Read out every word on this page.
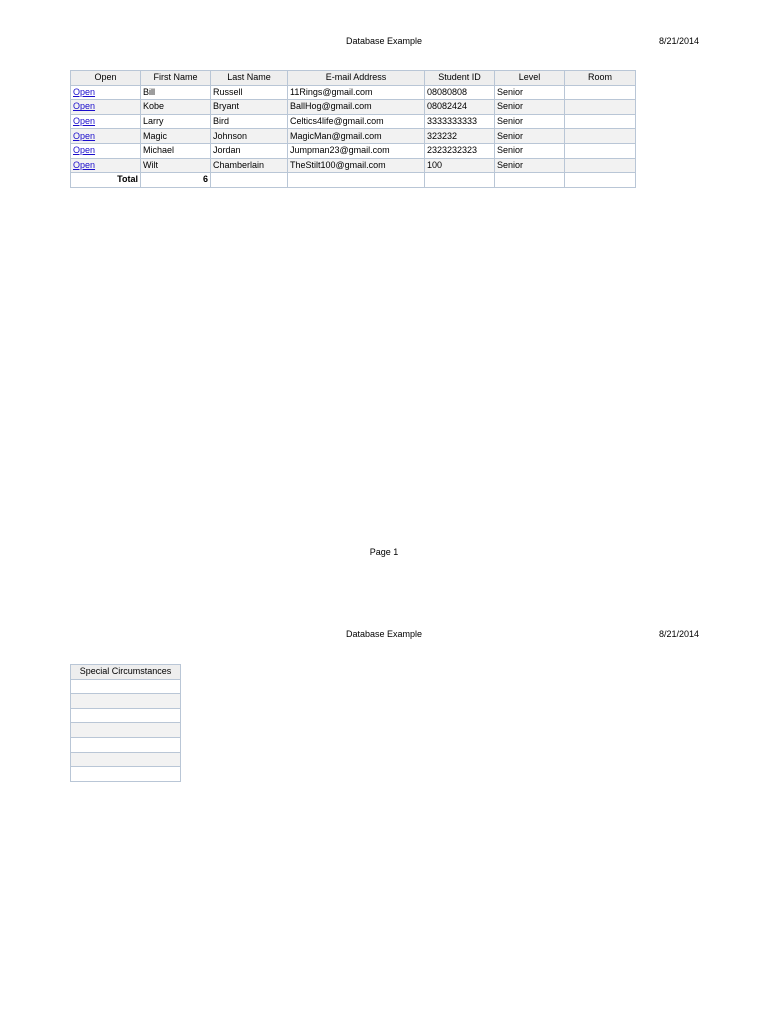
Database Example	8/21/2014
Open	First Name	Last Name	E-mail Address	Student ID	Level	Room
Open	Bill	Russell	11Rings@gmail.com	08080808	Senior	
Open	Kobe	Bryant	BallHog@gmail.com	08082424	Senior	
Open	Larry	Bird	Celtics4life@gmail.com	3333333333	Senior	
Open	Magic	Johnson	MagicMan@gmail.com	323232	Senior	
Open	Michael	Jordan	Jumpman23@gmail.com	2323232323	Senior	
Open	Wilt	Chamberlain	TheStilt100@gmail.com	100	Senior	
Total	6					
Page 1
Database Example	8/21/2014
Special Circumstances
